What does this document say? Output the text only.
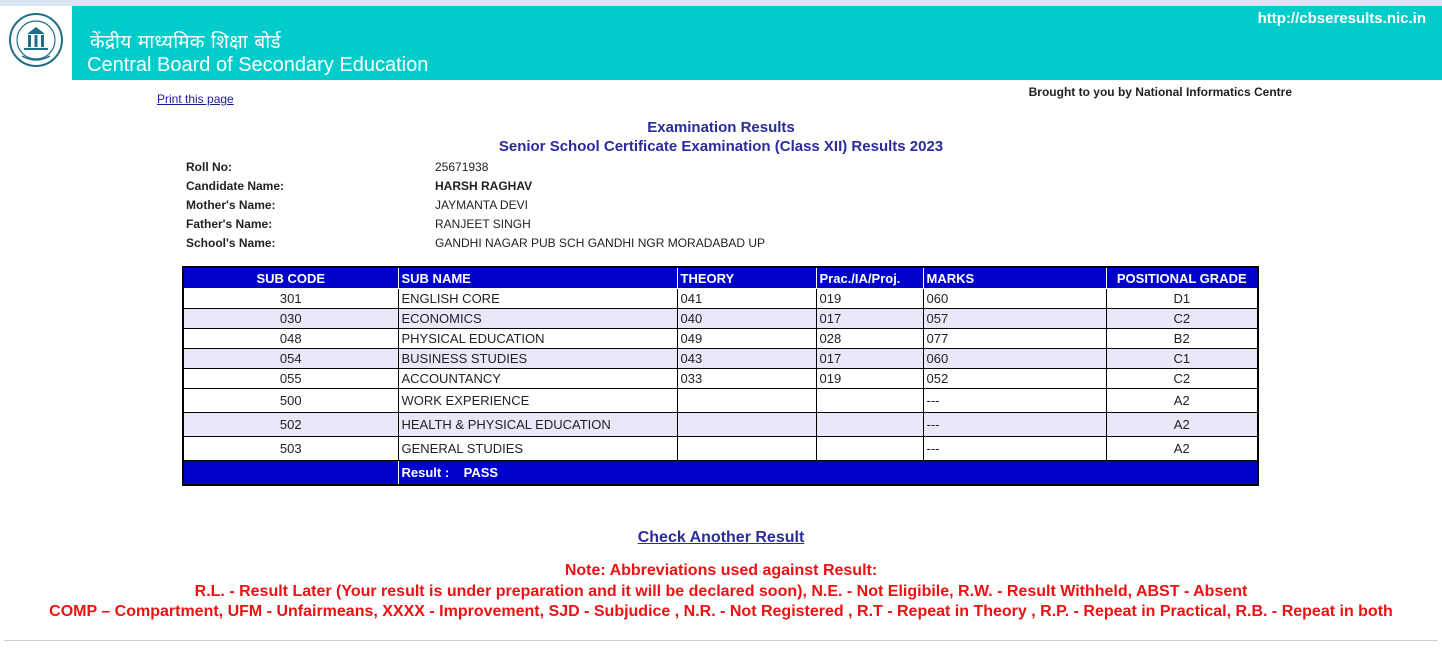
केंद्रीय माध्यमिक शिक्षा बोर्ड
Central Board of Secondary Education
http://cbseresults.nic.in
Print this page	Brought to you by National Informatics Centre
Examination Results
Senior School Certificate Examination (Class XII) Results 2023
Roll No:	25671938
Candidate Name:	HARSH RAGHAV
Mother's Name:	JAYMANTA DEVI
Father's Name:	RANJEET SINGH
School's Name:	GANDHI NAGAR PUB SCH GANDHI NGR MORADABAD UP
SUB CODE	SUB NAME	THEORY	Prac./IA/Proj.	MARKS	POSITIONAL GRADE
301	ENGLISH CORE	041	019	060	D1
030	ECONOMICS	040	017	057	C2
048	PHYSICAL EDUCATION	049	028	077	B2
054	BUSINESS STUDIES	043	017	060	C1
055	ACCOUNTANCY	033	019	052	C2
500	WORK EXPERIENCE			---	A2
502	HEALTH & PHYSICAL EDUCATION			---	A2
503	GENERAL STUDIES			---	A2
	Result : PASS				
Check Another Result
Note: Abbreviations used against Result:
R.L. - Result Later (Your result is under preparation and it will be declared soon), N.E. - Not Eligibile, R.W. - Result Withheld, ABST - Absent
COMP – Compartment, UFM - Unfairmeans, XXXX - Improvement, SJD - Subjudice , N.R. - Not Registered , R.T - Repeat in Theory , R.P. - Repeat in Practical, R.B. - Repeat in both
